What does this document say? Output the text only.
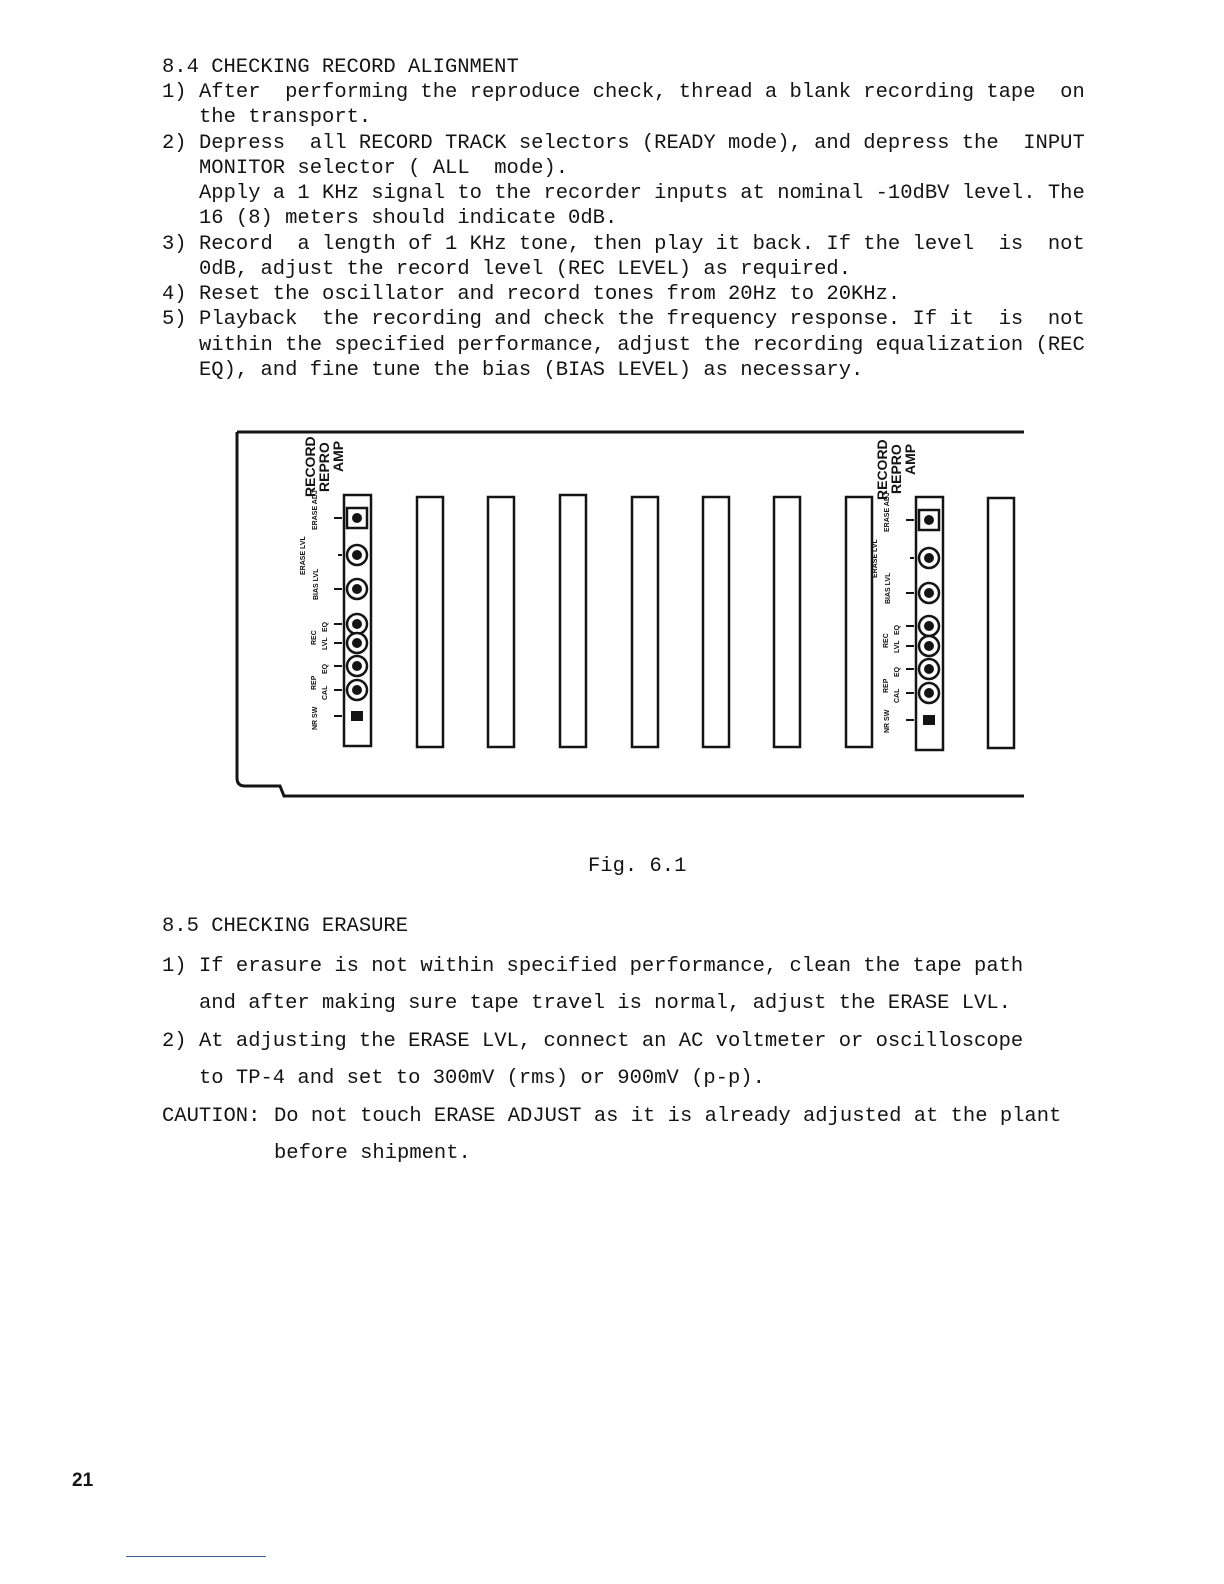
8.4 CHECKING RECORD ALIGNMENT
1) After  performing the reproduce check, thread a blank recording tape  on
the transport.
2) Depress  all RECORD TRACK selectors (READY mode), and depress the  INPUT
MONITOR selector ( ALL  mode).
Apply a 1 KHz signal to the recorder inputs at nominal -10dBV level. The
16 (8) meters should indicate 0dB.
3) Record  a length of 1 KHz tone, then play it back. If the level  is  not
0dB, adjust the record level (REC LEVEL) as required.
4) Reset the oscillator and record tones from 20Hz to 20KHz.
5) Playback  the recording and check the frequency response. If it  is  not
within the specified performance, adjust the recording equalization (REC
EQ), and fine tune the bias (BIAS LEVEL) as necessary.
RECORD
REPRO
AMP
ERASE ADJ
ERASE LVL
BIAS LVL
EQ
LVL
REC
EQ
CAL
REP
NR SW
RECORD
REPRO
AMP
ERASE ADJ
ERASE LVL
BIAS LVL
EQ
LVL
REC
EQ
CAL
REP
NR SW
Fig. 6.1
8.5 CHECKING ERASURE
1) If erasure is not within specified performance, clean the tape path
and after making sure tape travel is normal, adjust the ERASE LVL.
2) At adjusting the ERASE LVL, connect an AC voltmeter or oscilloscope
to TP-4 and set to 300mV (rms) or 900mV (p-p).
CAUTION: Do not touch ERASE ADJUST as it is already adjusted at the plant
before shipment.
21
